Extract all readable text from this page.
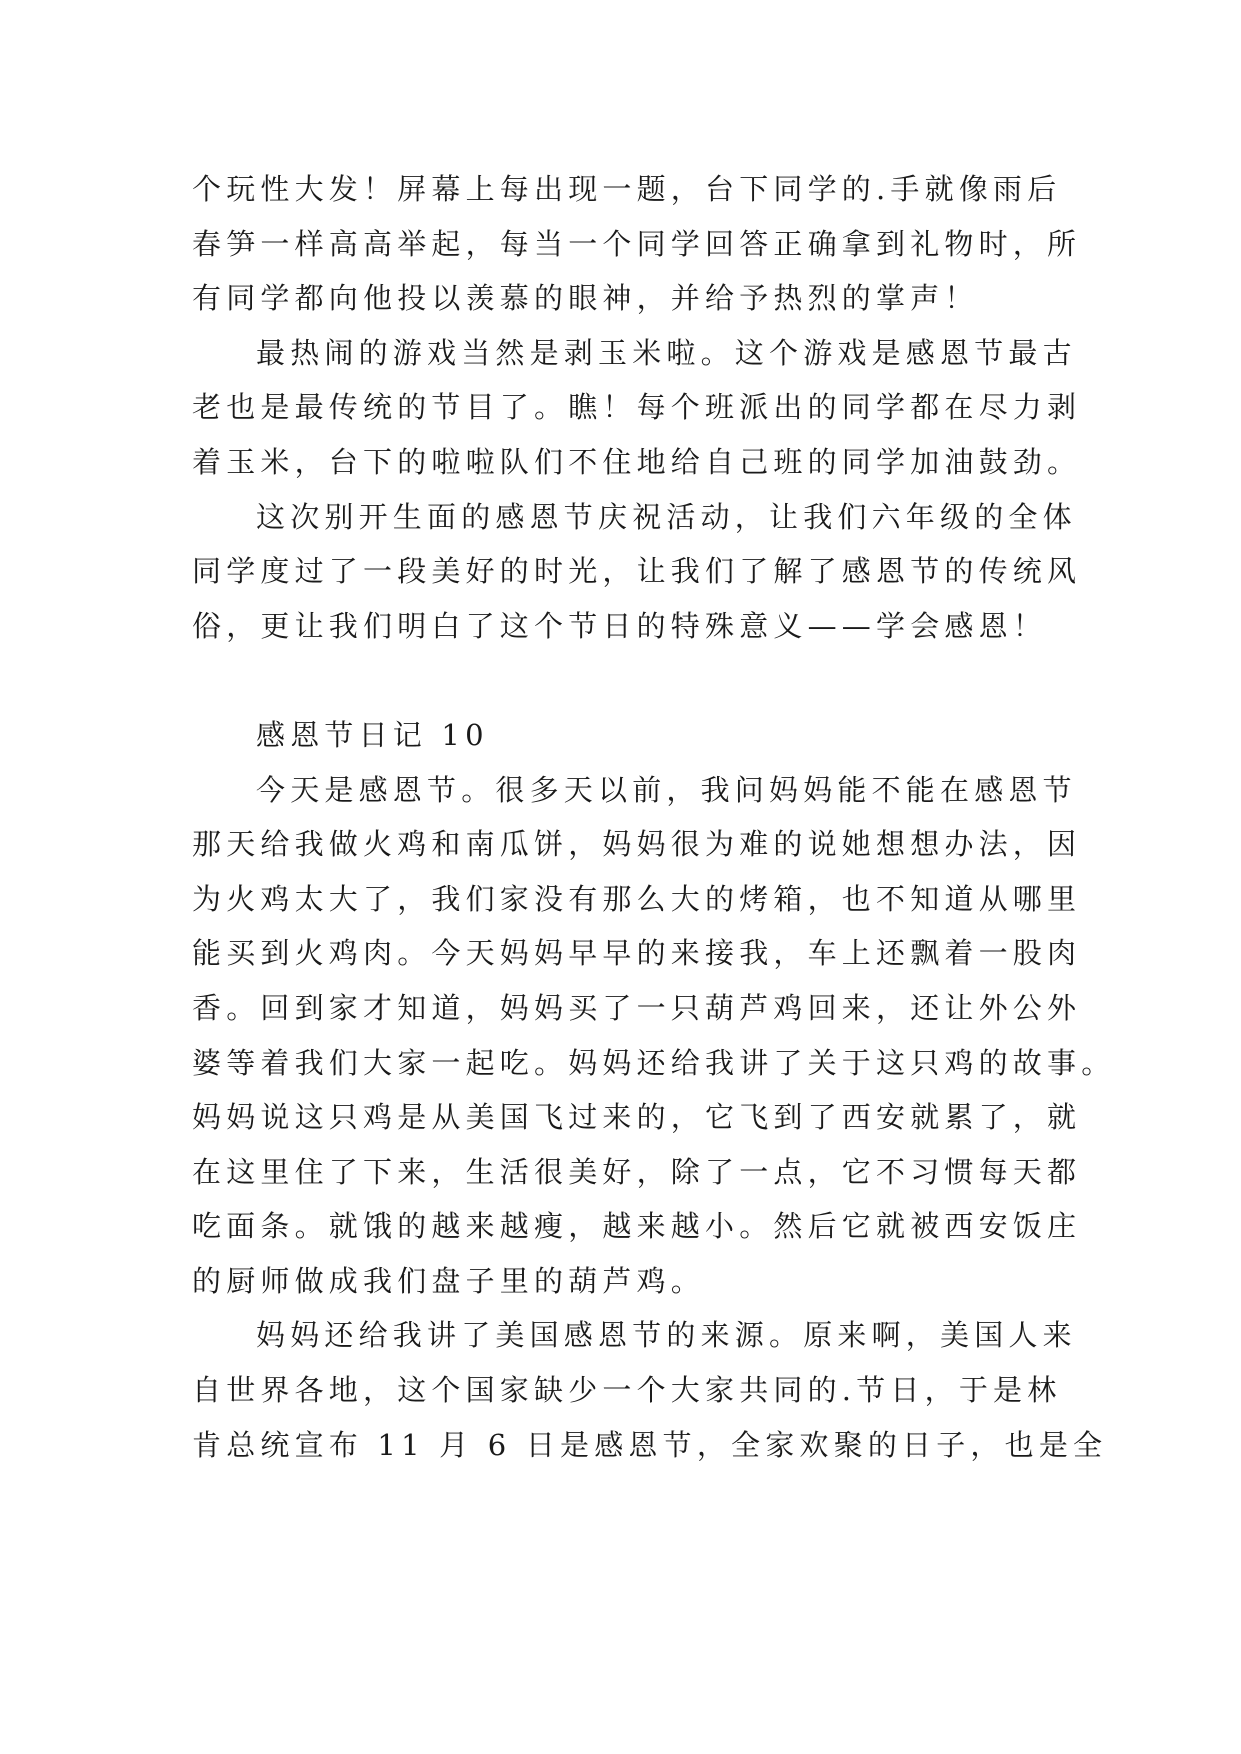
个玩性大发！屏幕上每出现一题，台下同学的.手就像雨后
春笋一样高高举起，每当一个同学回答正确拿到礼物时，所
有同学都向他投以羡慕的眼神，并给予热烈的掌声！
最热闹的游戏当然是剥玉米啦。这个游戏是感恩节最古
老也是最传统的节目了。瞧！每个班派出的同学都在尽力剥
着玉米，台下的啦啦队们不住地给自己班的同学加油鼓劲。
这次别开生面的感恩节庆祝活动，让我们六年级的全体
同学度过了一段美好的时光，让我们了解了感恩节的传统风
俗，更让我们明白了这个节日的特殊意义——学会感恩！
感恩节日记 10
今天是感恩节。很多天以前，我问妈妈能不能在感恩节
那天给我做火鸡和南瓜饼，妈妈很为难的说她想想办法，因
为火鸡太大了，我们家没有那么大的烤箱，也不知道从哪里
能买到火鸡肉。今天妈妈早早的来接我，车上还飘着一股肉
香。回到家才知道，妈妈买了一只葫芦鸡回来，还让外公外
婆等着我们大家一起吃。妈妈还给我讲了关于这只鸡的故事。
妈妈说这只鸡是从美国飞过来的，它飞到了西安就累了，就
在这里住了下来，生活很美好，除了一点，它不习惯每天都
吃面条。就饿的越来越瘦，越来越小。然后它就被西安饭庄
的厨师做成我们盘子里的葫芦鸡。
妈妈还给我讲了美国感恩节的来源。原来啊，美国人来
自世界各地，这个国家缺少一个大家共同的.节日，于是林
肯总统宣布 11 月 6 日是感恩节，全家欢聚的日子，也是全
